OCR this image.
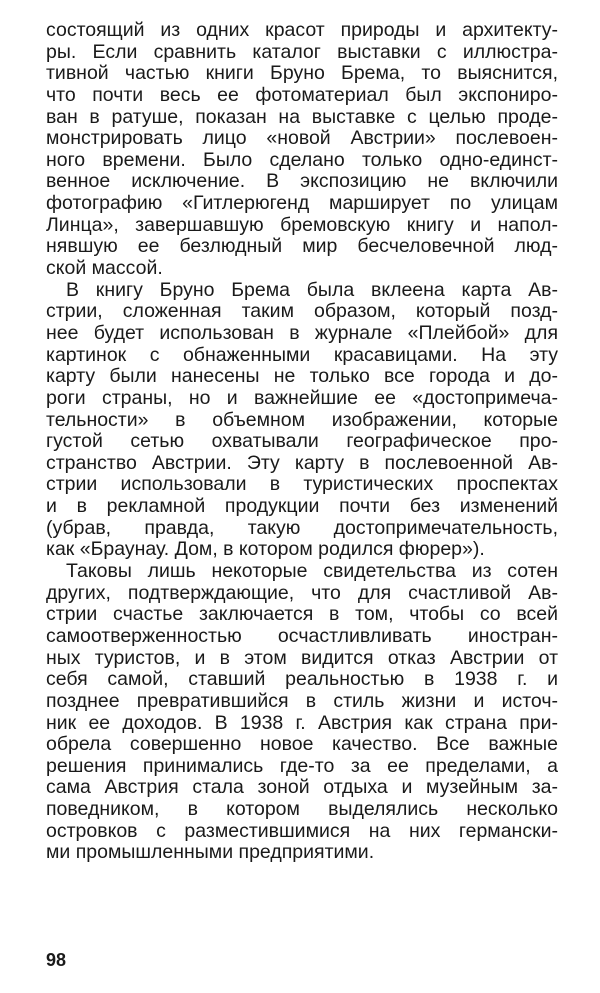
состоящий из одних красот природы и архитекту-
ры. Если сравнить каталог выставки с иллюстра-
тивной частью книги Бруно Брема, то выяснится,
что почти весь ее фотоматериал был экспониро-
ван в ратуше, показан на выставке с целью проде-
монстрировать лицо «новой Австрии» послевоен-
ного времени. Было сделано только одно-единст-
венное исключение. В экспозицию не включили
фотографию «Гитлерюгенд марширует по улицам
Линца», завершавшую бремовскую книгу и напол-
нявшую ее безлюдный мир бесчеловечной люд-
ской массой.
В книгу Бруно Брема была вклеена карта Ав-
стрии, сложенная таким образом, который позд-
нее будет использован в журнале «Плейбой» для
картинок с обнаженными красавицами. На эту
карту были нанесены не только все города и до-
роги страны, но и важнейшие ее «достопримеча-
тельности» в объемном изображении, которые
густой сетью охватывали географическое про-
странство Австрии. Эту карту в послевоенной Ав-
стрии использовали в туристических проспектах
и в рекламной продукции почти без изменений
(убрав, правда, такую достопримечательность,
как «Браунау. Дом, в котором родился фюрер»).
Таковы лишь некоторые свидетельства из сотен
других, подтверждающие, что для счастливой Ав-
стрии счастье заключается в том, чтобы со всей
самоотверженностью осчастливливать иностран-
ных туристов, и в этом видится отказ Австрии от
себя самой, ставший реальностью в 1938 г. и
позднее превратившийся в стиль жизни и источ-
ник ее доходов. В 1938 г. Австрия как страна при-
обрела совершенно новое качество. Все важные
решения принимались где-то за ее пределами, а
сама Австрия стала зоной отдыха и музейным за-
поведником, в котором выделялись несколько
островков с разместившимися на них германски-
ми промышленными предприятими.
98
